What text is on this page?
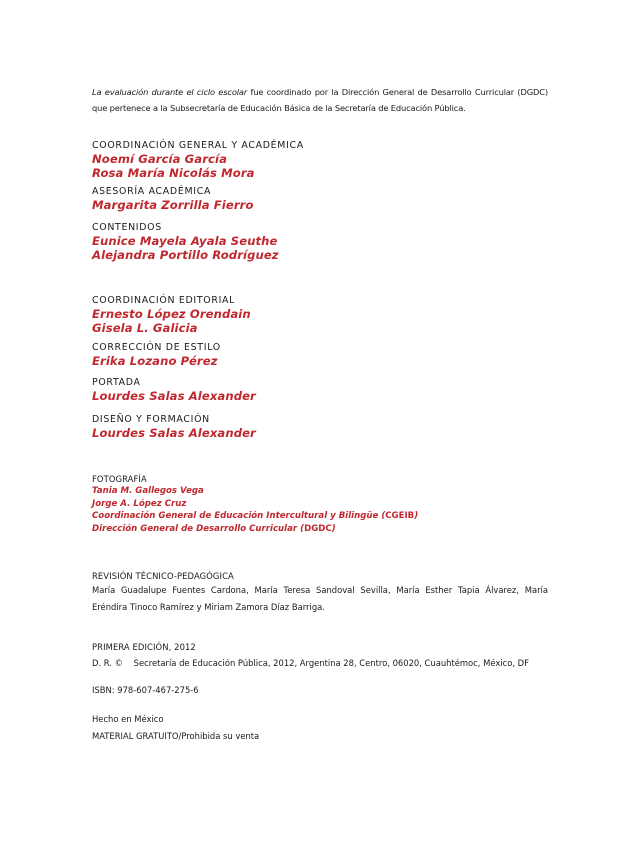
La evaluación durante el ciclo escolar fue coordinado por la Dirección General de Desarrollo Curricular (DGDC) que pertenece a la Subsecretaría de Educación Básica de la Secretaría de Educación Pública.
COORDINACIÓN GENERAL Y ACADÉMICA
Noemí García García
Rosa María Nicolás Mora
ASESORÍA ACADÉMICA
Margarita Zorrilla Fierro
CONTENIDOS
Eunice Mayela Ayala Seuthe
Alejandra Portillo Rodríguez
COORDINACIÓN EDITORIAL
Ernesto López Orendain
Gisela L. Galicia
CORRECCIÓN DE ESTILO
Erika Lozano Pérez
PORTADA
Lourdes Salas Alexander
DISEÑO Y FORMACIÓN
Lourdes Salas Alexander
FOTOGRAFÍA
Tania M. Gallegos Vega
Jorge A. López Cruz
Coordinación General de Educación Intercultural y Bilingüe (CGEIB)
Dirección General de Desarrollo Curricular (DGDC)
REVISIÓN TÉCNICO-PEDAGÓGICA
María Guadalupe Fuentes Cardona, María Teresa Sandoval Sevilla, María Esther Tapia Álvarez, María Eréndira Tinoco Ramírez y Miriam Zamora Díaz Barriga.
PRIMERA EDICIÓN, 2012
D. R. ©    Secretaría de Educación Pública, 2012, Argentina 28, Centro, 06020, Cuauhtémoc, México, DF
ISBN: 978-607-467-275-6
Hecho en México
MATERIAL GRATUITO/Prohibida su venta
